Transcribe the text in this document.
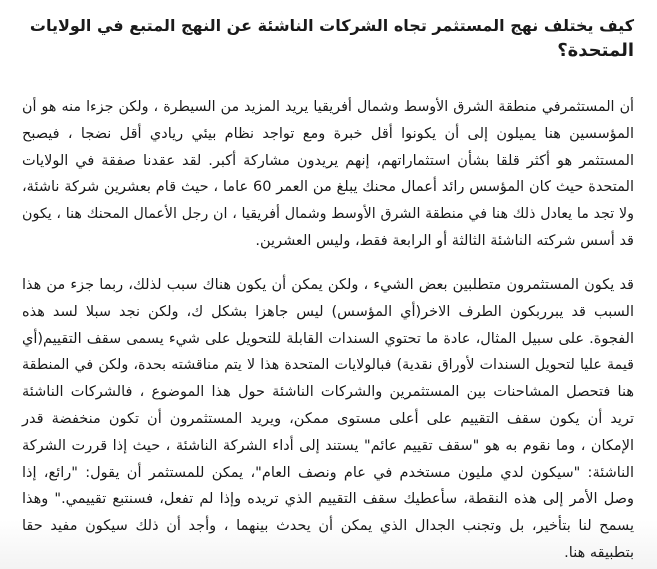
كيف يختلف نهج المستثمر تجاه الشركات الناشئة عن النهج المتبع في الولايات
المتحدة؟
أن المستثمرفي منطقة الشرق الأوسط وشمال أفريقيا يريد المزيد من السيطرة ، ولكن جزءا منه هو أن
المؤسسين هنا يميلون إلى أن يكونوا أقل خبرة ومع تواجد نظام بيئي ريادي أقل نضجا ، فيصبح
المستثمر هو أكثر قلقا بشأن استثماراتهم، إنهم يريدون مشاركة أكبر. لقد عقدنا صفقة في الولايات
المتحدة حيث كان المؤسس رائد أعمال محنك يبلغ من العمر 60 عاما ، حيث قام بعشرين شركة ناشئة،
ولا تجد ما يعادل ذلك هنا في منطقة الشرق الأوسط وشمال أفريقيا ، ان رجل الأعمال المحنك هنا ، يكون
قد أسس شركته الناشئة الثالثة أو الرابعة فقط، وليس العشرين.
قد يكون المستثمرون متطلبين بعض الشيء ، ولكن يمكن أن يكون هناك سبب لذلك، ربما جزء من هذا
السبب قد يبرربكون الطرف الاخر(أي المؤسس) ليس جاهزا بشكل ك، ولكن نجد سبلا لسد هذه
الفجوة. على سبيل المثال، عادة ما تحتوي السندات القابلة للتحويل على شيء يسمى سقف التقييم(أي
قيمة عليا لتحويل السندات لأوراق نقدية) فبالولايات المتحدة هذا لا يتم مناقشته بحدة، ولكن في المنطقة
هنا فتحصل المشاحنات بين المستثمرين والشركات الناشئة حول هذا الموضوع ، فالشركات الناشئة
تريد أن يكون سقف التقييم على أعلى مستوى ممكن، ويريد المستثمرون أن تكون منخفضة قدر
الإمكان ، وما نقوم به هو "سقف تقييم عائم" يستند إلى أداء الشركة الناشئة ، حيث إذا قررت الشركة
الناشئة: "سيكون لدي مليون مستخدم في عام ونصف العام"، يمكن للمستثمر أن يقول: "رائع، إذا
وصل الأمر إلى هذه النقطة، سأعطيك سقف التقييم الذي تريده وإذا لم تفعل، فسنتبع تقييمي." وهذا
يسمح لنا بتأخير، بل وتجنب الجدال الذي يمكن أن يحدث بينهما ، وأجد أن ذلك سيكون مفيد حقا
بتطبيقه هنا.
